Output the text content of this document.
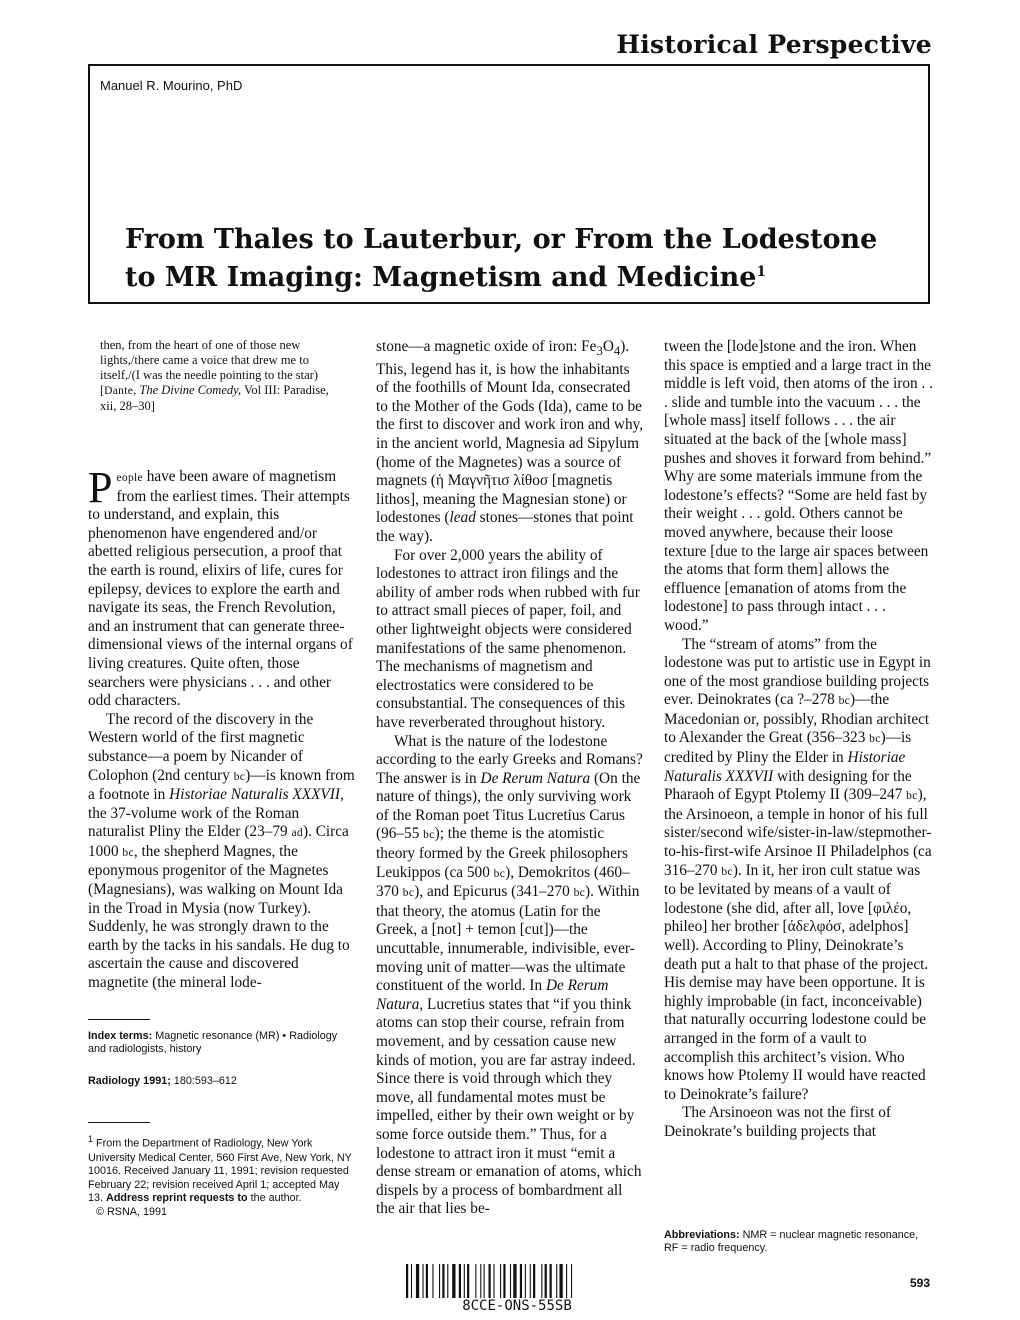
Historical Perspective
Manuel R. Mourino, PhD
From Thales to Lauterbur, or From the Lodestone
to MR Imaging: Magnetism and Medicine$^1$

then, from the heart of one of those new lights,/there came a voice that drew me to itself,/(I was the needle pointing to the star) [Dante, The Divine Comedy, Vol III: Paradise, xii, 28–30]

People have been aware of magnetism from the earliest times. Their attempts to understand, and explain, this phenomenon have engendered and/or abetted religious persecution, a proof that the earth is round, elixirs of life, cures for epilepsy, devices to explore the earth and navigate its seas, the French Revolution, and an instrument that can generate three-dimensional views of the internal organs of living creatures. Quite often, those searchers were physicians . . . and other odd characters.

The record of the discovery in the Western world of the first magnetic substance—a poem by Nicander of Colophon (2nd century bc)—is known from a footnote in Historiae Naturalis XXXVII, the 37-volume work of the Roman naturalist Pliny the Elder (23–79 ad). Circa 1000 bc, the shepherd Magnes, the eponymous progenitor of the Magnetes (Magnesians), was walking on Mount Ida in the Troad in Mysia (now Turkey). Suddenly, he was strongly drawn to the earth by the tacks in his sandals. He dug to ascertain the cause and discovered magnetite (the mineral lode-

Index terms: Magnetic resonance (MR) • Radiology and radiologists, history

Radiology 1991; 180:593–612

$^1$ From the Department of Radiology, New York University Medical Center, 560 First Ave, New York, NY 10016. Received January 11, 1991; revision requested February 22; revision received April 1; accepted May 13. Address reprint requests to the author.

© RSNA, 1991

stone—a magnetic oxide of iron: $Fe_3O_4$). This, legend has it, is how the inhabitants of the foothills of Mount Ida, consecrated to the Mother of the Gods (Ida), came to be the first to discover and work iron and why, in the ancient world, Magnesia ad Sipylum (home of the Magnetes) was a source of magnets (ἡ Μαγνῆτισ λίθοσ [magnetis lithos], meaning the Magnesian stone) or lodestones (lead stones—stones that point the way).

For over 2,000 years the ability of lodestones to attract iron filings and the ability of amber rods when rubbed with fur to attract small pieces of paper, foil, and other lightweight objects were considered manifestations of the same phenomenon. The mechanisms of magnetism and electrostatics were considered to be consubstantial. The consequences of this have reverberated throughout history.

What is the nature of the lodestone according to the early Greeks and Romans? The answer is in De Rerum Natura (On the nature of things), the only surviving work of the Roman poet Titus Lucretius Carus (96–55 bc); the theme is the atomistic theory formed by the Greek philosophers Leukippos (ca 500 bc), Demokritos (460–370 bc), and Epicurus (341–270 bc). Within that theory, the atomus (Latin for the Greek, a [not] + temon [cut])—the uncuttable, innumerable, indivisible, ever-moving unit of matter—was the ultimate constituent of the world. In De Rerum Natura, Lucretius states that “if you think atoms can stop their course, refrain from movement, and by cessation cause new kinds of motion, you are far astray indeed. Since there is void through which they move, all fundamental motes must be impelled, either by their own weight or by some force outside them.” Thus, for a lodestone to attract iron it must “emit a dense stream or emanation of atoms, which dispels by a process of bombardment all the air that lies be-

tween the [lode]stone and the iron. When this space is emptied and a large tract in the middle is left void, then atoms of the iron . . . slide and tumble into the vacuum . . . the [whole mass] itself follows . . . the air situated at the back of the [whole mass] pushes and shoves it forward from behind.” Why are some materials immune from the lodestone’s effects? “Some are held fast by their weight . . . gold. Others cannot be moved anywhere, because their loose texture [due to the large air spaces between the atoms that form them] allows the effluence [emanation of atoms from the lodestone] to pass through intact . . . wood.”

The “stream of atoms” from the lodestone was put to artistic use in Egypt in one of the most grandiose building projects ever. Deinokrates (ca ?–278 bc)—the Macedonian or, possibly, Rhodian architect to Alexander the Great (356–323 bc)—is credited by Pliny the Elder in Historiae Naturalis XXXVII with designing for the Pharaoh of Egypt Ptolemy II (309–247 bc), the Arsinoeon, a temple in honor of his full sister/second wife/sister-in-law/stepmother-to-his-first-wife Arsinoe II Philadelphos (ca 316–270 bc). In it, her iron cult statue was to be levitated by means of a vault of lodestone (she did, after all, love [φιλέο, phileo] her brother [άδελφόσ, adelphos] well). According to Pliny, Deinokrate’s death put a halt to that phase of the project. His demise may have been opportune. It is highly improbable (in fact, inconceivable) that naturally occurring lodestone could be arranged in the form of a vault to accomplish this architect’s vision. Who knows how Ptolemy II would have reacted to Deinokrate’s failure?

The Arsinoeon was not the first of Deinokrate’s building projects that

Abbreviations: NMR = nuclear magnetic resonance, RF = radio frequency.

8CCE-ONS-55SB
593
